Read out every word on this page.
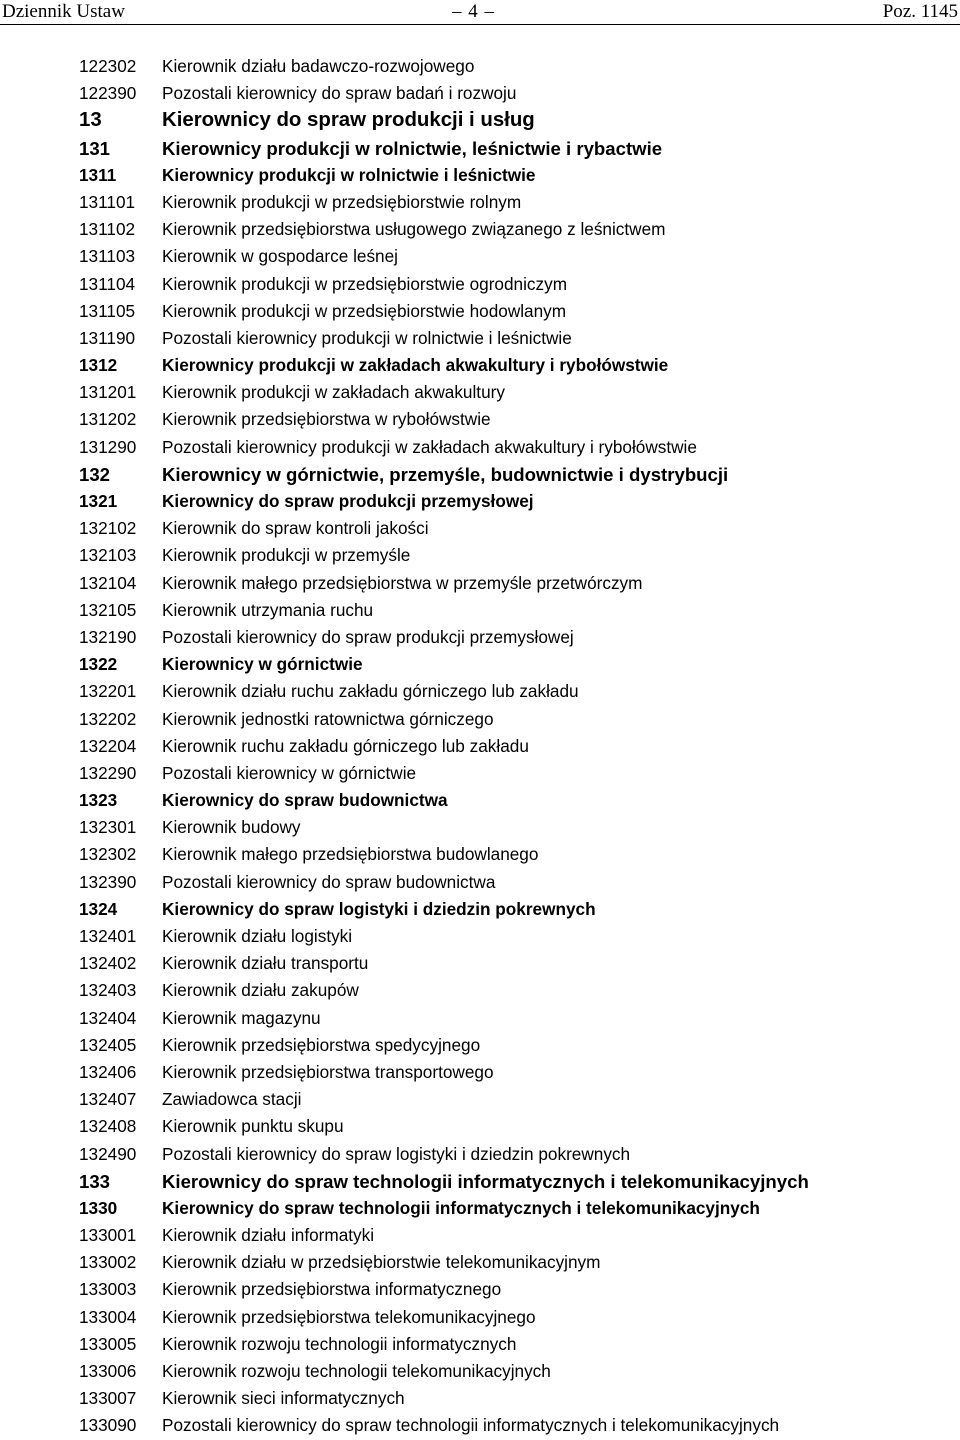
Dziennik Ustaw	– 4 –	Poz. 1145
122302 Kierownik działu badawczo-rozwojowego
122390 Pozostali kierownicy do spraw badań i rozwoju
13	Kierownicy do spraw produkcji i usług
131	Kierownicy produkcji w rolnictwie, leśnictwie i rybactwie
1311	Kierownicy produkcji w rolnictwie i leśnictwie
131101 Kierownik produkcji w przedsiębiorstwie rolnym
131102 Kierownik przedsiębiorstwa usługowego związanego z leśnictwem
131103 Kierownik w gospodarce leśnej
131104 Kierownik produkcji w przedsiębiorstwie ogrodniczym
131105 Kierownik produkcji w przedsiębiorstwie hodowlanym
131190 Pozostali kierownicy produkcji w rolnictwie i leśnictwie
1312	Kierownicy produkcji w zakładach akwakultury i rybołówstwie
131201 Kierownik produkcji w zakładach akwakultury
131202 Kierownik przedsiębiorstwa w rybołówstwie
131290 Pozostali kierownicy produkcji w zakładach akwakultury i rybołówstwie
132	Kierownicy w górnictwie, przemyśle, budownictwie i dystrybucji
1321	Kierownicy do spraw produkcji przemysłowej
132102 Kierownik do spraw kontroli jakości
132103 Kierownik produkcji w przemyśle
132104 Kierownik małego przedsiębiorstwa w przemyśle przetwórczym
132105 Kierownik utrzymania ruchu
132190 Pozostali kierownicy do spraw produkcji przemysłowej
1322	Kierownicy w górnictwie
132201 Kierownik działu ruchu zakładu górniczego lub zakładu
132202 Kierownik jednostki ratownictwa górniczego
132204 Kierownik ruchu zakładu górniczego lub zakładu
132290 Pozostali kierownicy w górnictwie
1323	Kierownicy do spraw budownictwa
132301 Kierownik budowy
132302 Kierownik małego przedsiębiorstwa budowlanego
132390 Pozostali kierownicy do spraw budownictwa
1324	Kierownicy do spraw logistyki i dziedzin pokrewnych
132401 Kierownik działu logistyki
132402 Kierownik działu transportu
132403 Kierownik działu zakupów
132404 Kierownik magazynu
132405 Kierownik przedsiębiorstwa spedycyjnego
132406 Kierownik przedsiębiorstwa transportowego
132407 Zawiadowca stacji
132408 Kierownik punktu skupu
132490 Pozostali kierownicy do spraw logistyki i dziedzin pokrewnych
133	Kierownicy do spraw technologii informatycznych i telekomunikacyjnych
1330	Kierownicy do spraw technologii informatycznych i telekomunikacyjnych
133001 Kierownik działu informatyki
133002 Kierownik działu w przedsiębiorstwie telekomunikacyjnym
133003 Kierownik przedsiębiorstwa informatycznego
133004 Kierownik przedsiębiorstwa telekomunikacyjnego
133005 Kierownik rozwoju technologii informatycznych
133006 Kierownik rozwoju technologii telekomunikacyjnych
133007 Kierownik sieci informatycznych
133090 Pozostali kierownicy do spraw technologii informatycznych i telekomunikacyjnych
